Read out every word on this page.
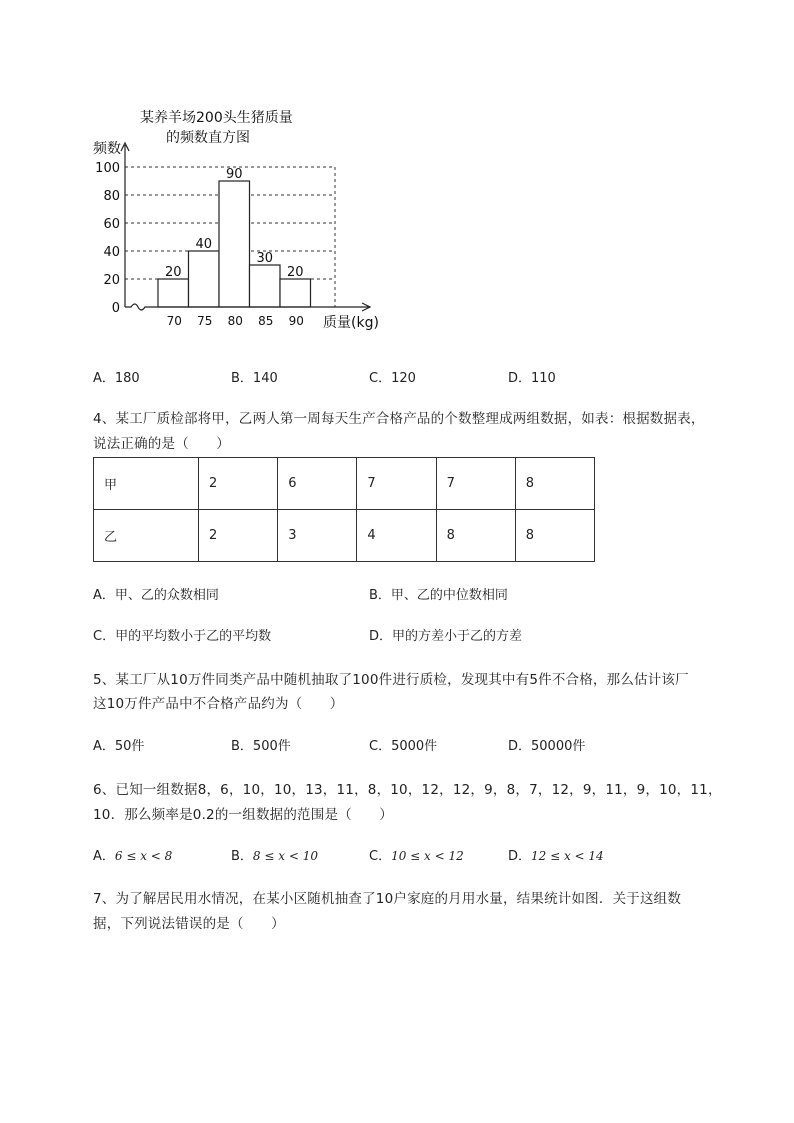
某养羊场200头生猪质量
的频数直方图
20
40
90
30
20
0
20
40
60
80
100
频数
70 75 80 85 90 质量(kg)
A．180	B．140	C．120	D．110
4、某工厂质检部将甲，乙两人第一周每天生产合格产品的个数整理成两组数据，如表：根据数据表，
说法正确的是（　　）
甲	2	6	7	7	8
乙	2	3	4	8	8
A．甲、乙的众数相同	B．甲、乙的中位数相同
C．甲的平均数小于乙的平均数	D．甲的方差小于乙的方差
5、某工厂从10万件同类产品中随机抽取了100件进行质检，发现其中有5件不合格，那么估计该厂
这10万件产品中不合格产品约为（　　）
A．50件	B．500件	C．5000件	D．50000件
6、已知一组数据8，6，10，10，13，11，8，10，12，12，9，8，7，12，9，11，9，10，11，
10．那么频率是0.2的一组数据的范围是（　　）
A．6 ≤ x < 8	B．8 ≤ x < 10	C．10 ≤ x < 12	D．12 ≤ x < 14
7、为了解居民用水情况，在某小区随机抽查了10户家庭的月用水量，结果统计如图．关于这组数
据，下列说法错误的是（　　）
